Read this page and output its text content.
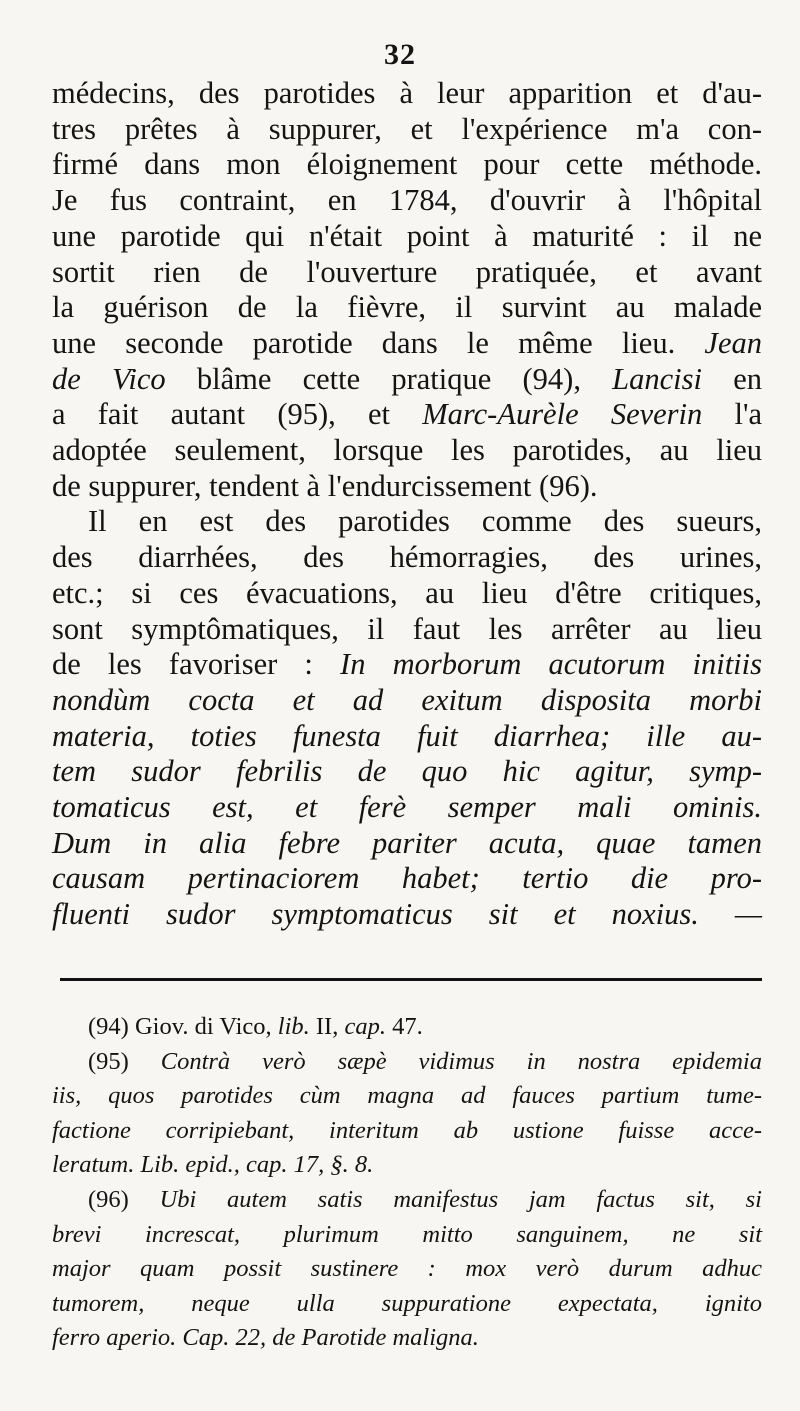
32
médecins, des parotides à leur apparition et d'au-
tres prêtes à suppurer, et l'expérience m'a con-
firmé dans mon éloignement pour cette méthode.
Je fus contraint, en 1784, d'ouvrir à l'hôpital
une parotide qui n'était point à maturité : il ne
sortit rien de l'ouverture pratiquée, et avant
la guérison de la fièvre, il survint au malade
une seconde parotide dans le même lieu. Jean
de Vico blâme cette pratique (94), Lancisi en
a fait autant (95), et Marc-Aurèle Severin l'a
adoptée seulement, lorsque les parotides, au lieu
de suppurer, tendent à l'endurcissement (96).
Il en est des parotides comme des sueurs,
des diarrhées, des hémorragies, des urines,
etc.; si ces évacuations, au lieu d'être critiques,
sont symptômatiques, il faut les arrêter au lieu
de les favoriser : In morborum acutorum initiis
nondùm cocta et ad exitum disposita morbi
materia, toties funesta fuit diarrhea; ille au-
tem sudor febrilis de quo hic agitur, symp-
tomaticus est, et ferè semper mali ominis.
Dum in alia febre pariter acuta, quae tamen
causam pertinaciorem habet; tertio die pro-
fluenti sudor symptomaticus sit et noxius. —
(94) Giov. di Vico, lib. II, cap. 47.
(95) Contrà verò sæpè vidimus in nostra epidemia
iis, quos parotides cùm magna ad fauces partium tume-
factione corripiebant, interitum ab ustione fuisse acce-
leratum. Lib. epid., cap. 17, §. 8.
(96) Ubi autem satis manifestus jam factus sit, si
brevi increscat, plurimum mitto sanguinem, ne sit
major quam possit sustinere : mox verò durum adhuc
tumorem, neque ulla suppuratione expectata, ignito
ferro aperio. Cap. 22, de Parotide maligna.
